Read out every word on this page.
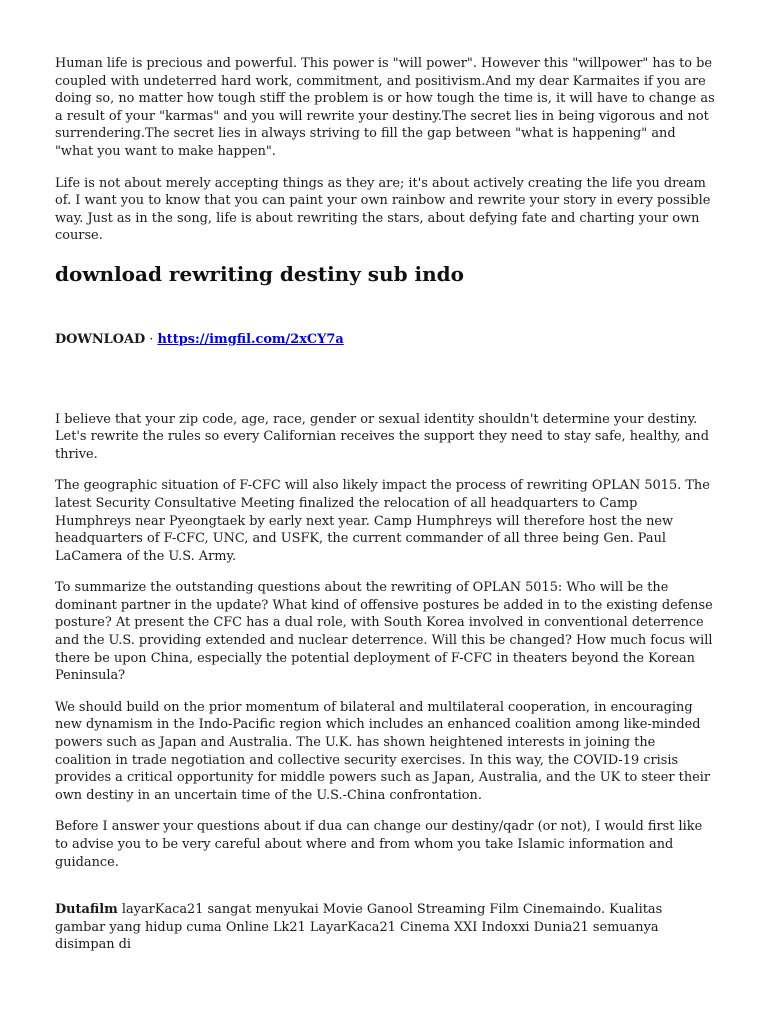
Human life is precious and powerful. This power is "will power". However this "willpower" has to be coupled with undeterred hard work, commitment, and positivism.And my dear Karmaites if you are doing so, no matter how tough stiff the problem is or how tough the time is, it will have to change as a result of your "karmas" and you will rewrite your destiny.The secret lies in being vigorous and not surrendering.The secret lies in always striving to fill the gap between "what is happening" and "what you want to make happen".

Life is not about merely accepting things as they are; it's about actively creating the life you dream of. I want you to know that you can paint your own rainbow and rewrite your story in every possible way. Just as in the song, life is about rewriting the stars, about defying fate and charting your own course.

download rewriting destiny sub indo

DOWNLOAD · https://imgfil.com/2xCY7a

I believe that your zip code, age, race, gender or sexual identity shouldn't determine your destiny. Let's rewrite the rules so every Californian receives the support they need to stay safe, healthy, and thrive.

The geographic situation of F-CFC will also likely impact the process of rewriting OPLAN 5015. The latest Security Consultative Meeting finalized the relocation of all headquarters to Camp Humphreys near Pyeongtaek by early next year. Camp Humphreys will therefore host the new headquarters of F-CFC, UNC, and USFK, the current commander of all three being Gen. Paul LaCamera of the U.S. Army.

To summarize the outstanding questions about the rewriting of OPLAN 5015: Who will be the dominant partner in the update? What kind of offensive postures be added in to the existing defense posture? At present the CFC has a dual role, with South Korea involved in conventional deterrence and the U.S. providing extended and nuclear deterrence. Will this be changed? How much focus will there be upon China, especially the potential deployment of F-CFC in theaters beyond the Korean Peninsula?

We should build on the prior momentum of bilateral and multilateral cooperation, in encouraging new dynamism in the Indo-Pacific region which includes an enhanced coalition among like-minded powers such as Japan and Australia. The U.K. has shown heightened interests in joining the coalition in trade negotiation and collective security exercises. In this way, the COVID-19 crisis provides a critical opportunity for middle powers such as Japan, Australia, and the UK to steer their own destiny in an uncertain time of the U.S.-China confrontation.

Before I answer your questions about if dua can change our destiny/qadr (or not), I would first like to advise you to be very careful about where and from whom you take Islamic information and guidance.

Dutafilm layarKaca21 sangat menyukai Movie Ganool Streaming Film Cinemaindo. Kualitas gambar yang hidup cuma Online Lk21 LayarKaca21 Cinema XXI Indoxxi Dunia21 semuanya disimpan di
